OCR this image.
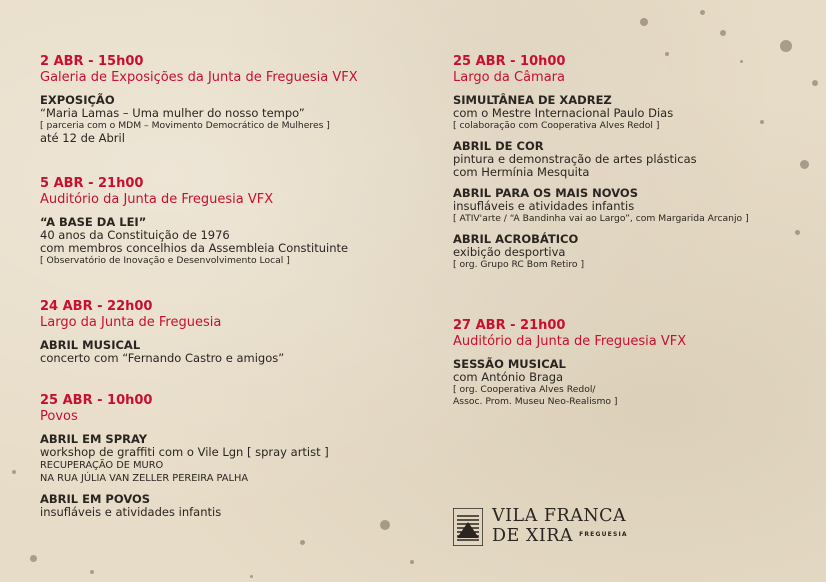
2 ABR - 15h00
Galeria de Exposições da Junta de Freguesia VFX
EXPOSIÇÃO
“Maria Lamas – Uma mulher do nosso tempo”
[ parceria com o MDM – Movimento Democrático de Mulheres ]
até 12 de Abril
5 ABR - 21h00
Auditório da Junta de Freguesia VFX
“A BASE DA LEI”
40 anos da Constituição de 1976
com membros concelhios da Assembleia Constituinte
[ Observatório de Inovação e Desenvolvimento Local ]
24 ABR - 22h00
Largo da Junta de Freguesia
ABRIL MUSICAL
concerto com “Fernando Castro e amigos”
25 ABR - 10h00
Povos
ABRIL EM SPRAY
workshop de graffiti com o Vile Lgn [ spray artist ]
RECUPERAÇÃO DE MURO
NA RUA JÚLIA VAN ZELLER PEREIRA PALHA
ABRIL EM POVOS
insufláveis e atividades infantis
25 ABR - 10h00
Largo da Câmara
SIMULTÂNEA DE XADREZ
com o Mestre Internacional Paulo Dias
[ colaboração com Cooperativa Alves Redol ]
ABRIL DE COR
pintura e demonstração de artes plásticas
com Hermínia Mesquita
ABRIL PARA OS MAIS NOVOS
insufláveis e atividades infantis
[ ATIV'arte / “A Bandinha vai ao Largo”, com Margarida Arcanjo ]
ABRIL ACROBÁTICO
exibição desportiva
[ org. Grupo RC Bom Retiro ]
27 ABR - 21h00
Auditório da Junta de Freguesia VFX
SESSÃO MUSICAL
com António Braga
[ org. Cooperativa Alves Redol/
Assoc. Prom. Museu Neo-Realismo ]
VILA FRANCA
DE XIRA FREGUESIA
